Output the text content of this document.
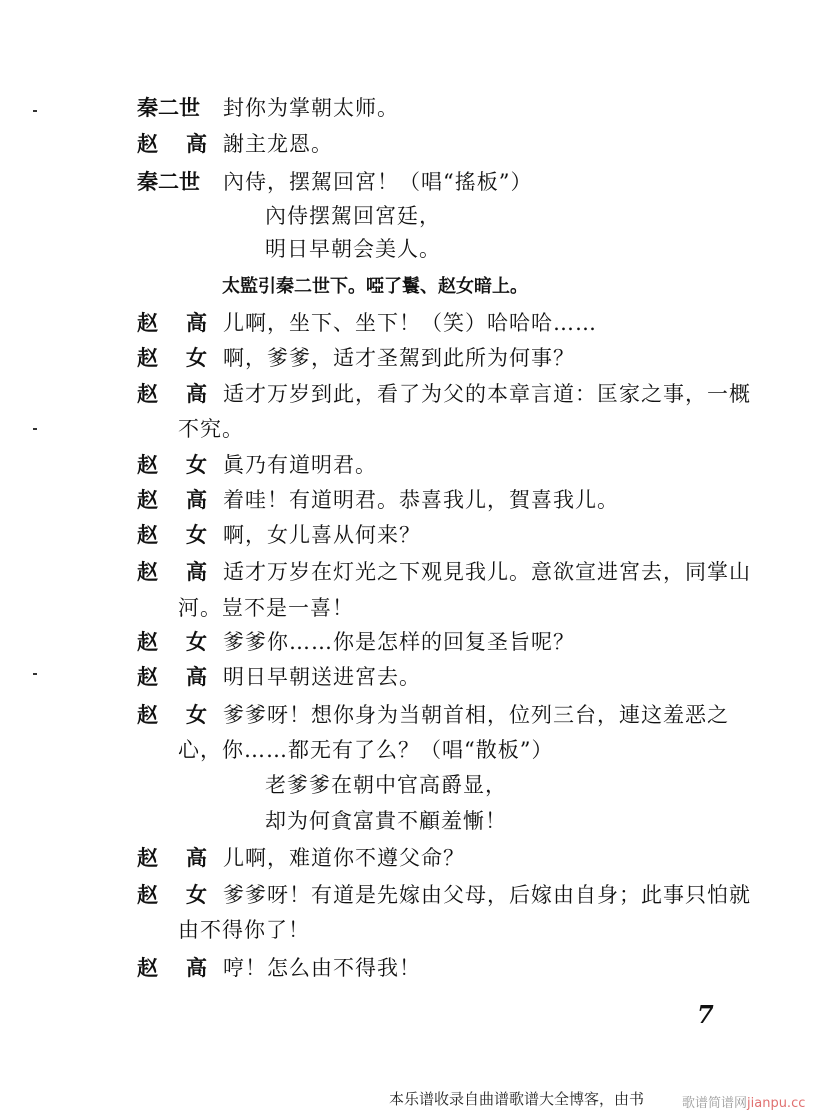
秦二世 封你为掌朝太师。
赵 高 謝主龙恩。
秦二世 內侍，摆駕回宮！（唱“搖板”）
內侍摆駕回宮廷，
明日早朝会美人。
太監引秦二世下。啞了鬟、赵女暗上。
赵 高 儿啊，坐下、坐下！（笑）哈哈哈……
赵 女 啊，爹爹，适才圣駕到此所为何事？
赵 高 适才万岁到此，看了为父的本章言道：匡家之事，一概
不究。
赵 女 眞乃有道明君。
赵 高 着哇！有道明君。恭喜我儿，賀喜我儿。
赵 女 啊，女儿喜从何来？
赵 高 适才万岁在灯光之下观見我儿。意欲宣进宮去，同掌山
河。豈不是一喜！
赵 女 爹爹你……你是怎样的回复圣旨呢？
赵 高 明日早朝送进宮去。
赵 女 爹爹呀！想你身为当朝首相，位列三台，連这羞恶之
心，你……都无有了么？（唱“散板”）
老爹爹在朝中官高爵显，
却为何貪富貴不顧羞慚！
赵 高 儿啊，难道你不遵父命？
赵 女 爹爹呀！有道是先嫁由父母，后嫁由自身；此事只怕就
由不得你了！
赵 高 哼！怎么由不得我！
7
本乐谱收录自曲谱歌谱大全博客，由书	歌谱简谱网jianpu.cc
